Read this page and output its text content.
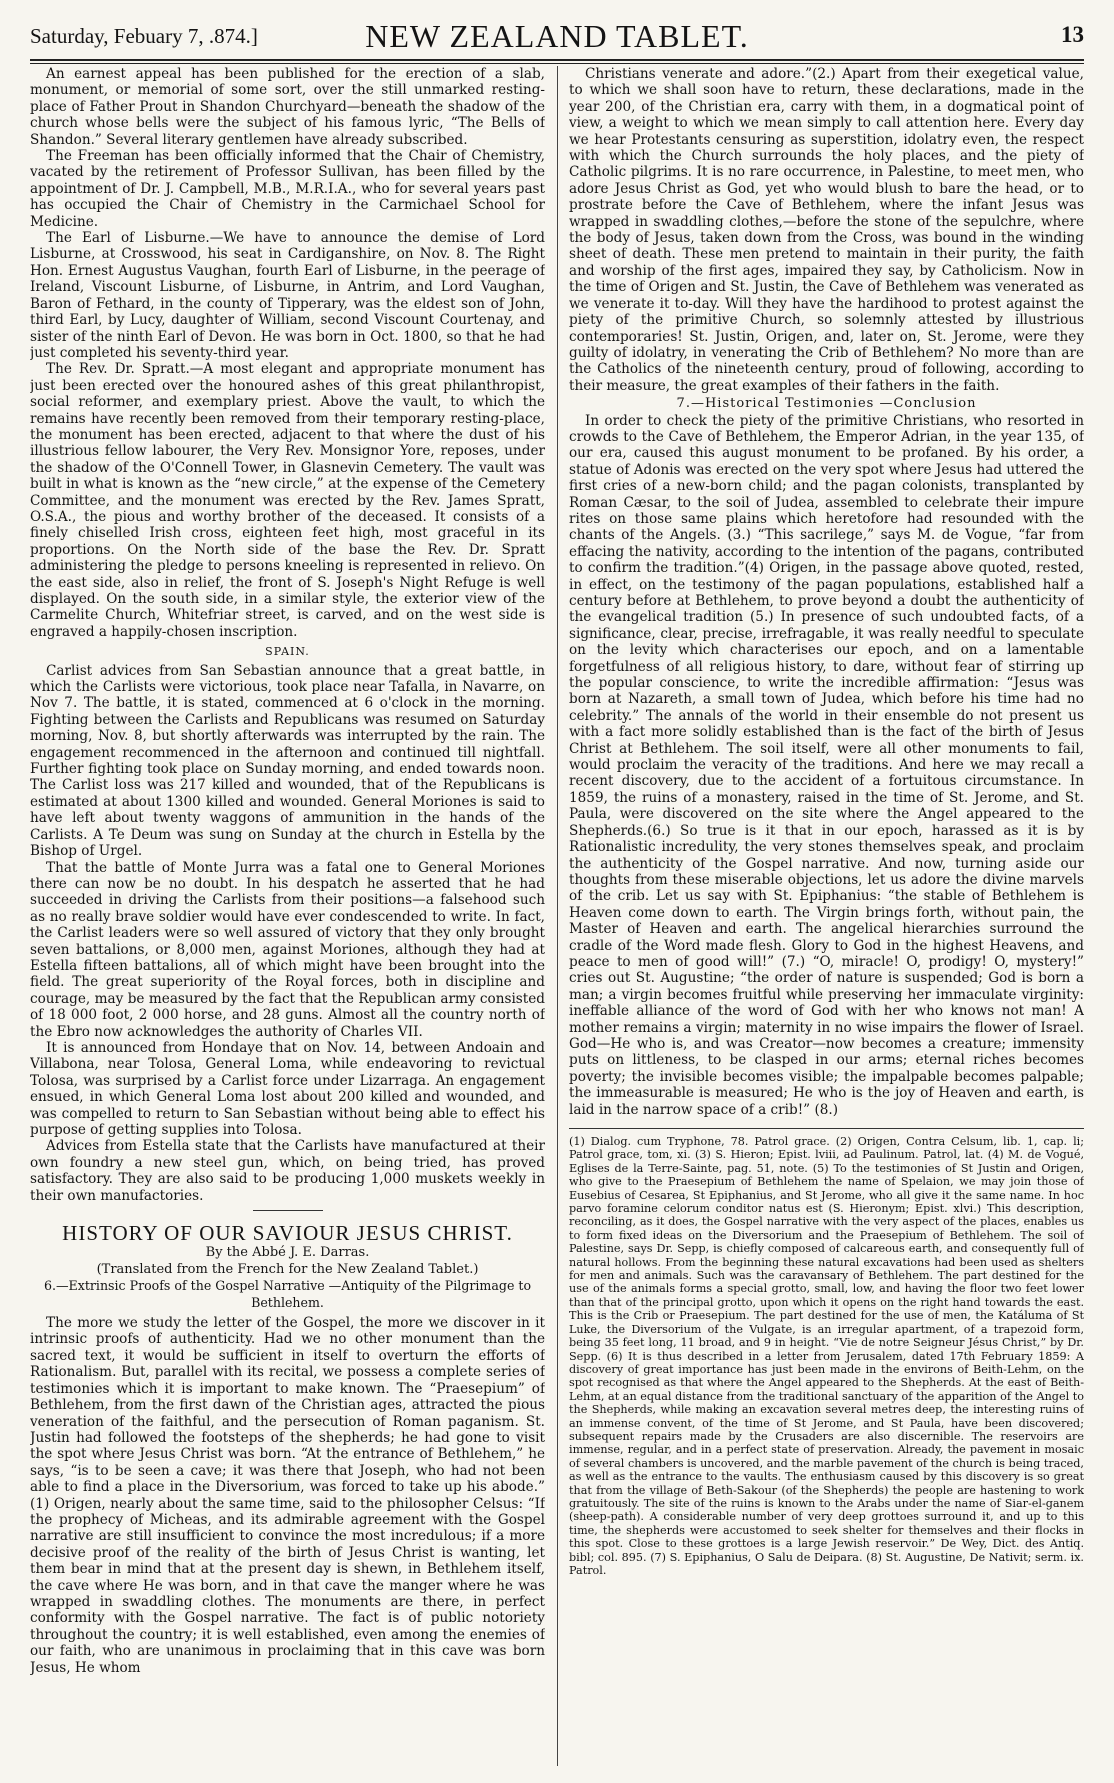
Saturday, Febuary 7, .874.]	NEW ZEALAND TABLET.	13

An earnest appeal has been published for the erection of a slab, monument, or memorial of some sort, over the still unmarked resting-place of Father Prout in Shandon Churchyard—beneath the shadow of the church whose bells were the subject of his famous lyric, “The Bells of Shandon.” Several literary gentlemen have already subscribed.

The Freeman has been officially informed that the Chair of Chemistry, vacated by the retirement of Professor Sullivan, has been filled by the appointment of Dr. J. Campbell, M.B., M.R.I.A., who for several years past has occupied the Chair of Chemistry in the Carmichael School for Medicine.

The Earl of Lisburne.—We have to announce the demise of Lord Lisburne, at Crosswood, his seat in Cardiganshire, on Nov. 8. The Right Hon. Ernest Augustus Vaughan, fourth Earl of Lisburne, in the peerage of Ireland, Viscount Lisburne, of Lisburne, in Antrim, and Lord Vaughan, Baron of Fethard, in the county of Tipperary, was the eldest son of John, third Earl, by Lucy, daughter of William, second Viscount Courtenay, and sister of the ninth Earl of Devon. He was born in Oct. 1800, so that he had just completed his seventy-third year.

The Rev. Dr. Spratt.—A most elegant and appropriate monument has just been erected over the honoured ashes of this great philanthropist, social reformer, and exemplary priest. Above the vault, to which the remains have recently been removed from their temporary resting-place, the monument has been erected, adjacent to that where the dust of his illustrious fellow labourer, the Very Rev. Monsignor Yore, reposes, under the shadow of the O'Connell Tower, in Glasnevin Cemetery. The vault was built in what is known as the “new circle,” at the expense of the Cemetery Committee, and the monument was erected by the Rev. James Spratt, O.S.A., the pious and worthy brother of the deceased. It consists of a finely chiselled Irish cross, eighteen feet high, most graceful in its proportions. On the North side of the base the Rev. Dr. Spratt administering the pledge to persons kneeling is represented in relievo. On the east side, also in relief, the front of S. Joseph's Night Refuge is well displayed. On the south side, in a similar style, the exterior view of the Carmelite Church, Whitefriar street, is carved, and on the west side is engraved a happily-chosen inscription.

SPAIN.

Carlist advices from San Sebastian announce that a great battle, in which the Carlists were victorious, took place near Tafalla, in Navarre, on Nov 7. The battle, it is stated, commenced at 6 o'clock in the morning. Fighting between the Carlists and Republicans was resumed on Saturday morning, Nov. 8, but shortly afterwards was interrupted by the rain. The engagement recommenced in the afternoon and continued till nightfall. Further fighting took place on Sunday morning, and ended towards noon. The Carlist loss was 217 killed and wounded, that of the Republicans is estimated at about 1300 killed and wounded. General Moriones is said to have left about twenty waggons of ammunition in the hands of the Carlists. A Te Deum was sung on Sunday at the church in Estella by the Bishop of Urgel.

That the battle of Monte Jurra was a fatal one to General Moriones there can now be no doubt. In his despatch he asserted that he had succeeded in driving the Carlists from their positions—a falsehood such as no really brave soldier would have ever condescended to write. In fact, the Carlist leaders were so well assured of victory that they only brought seven battalions, or 8,000 men, against Moriones, although they had at Estella fifteen battalions, all of which might have been brought into the field. The great superiority of the Royal forces, both in discipline and courage, may be measured by the fact that the Republican army consisted of 18 000 foot, 2 000 horse, and 28 guns. Almost all the country north of the Ebro now acknowledges the authority of Charles VII.

It is announced from Hondaye that on Nov. 14, between Andoain and Villabona, near Tolosa, General Loma, while endeavoring to revictual Tolosa, was surprised by a Carlist force under Lizarraga. An engagement ensued, in which General Loma lost about 200 killed and wounded, and was compelled to return to San Sebastian without being able to effect his purpose of getting supplies into Tolosa.

Advices from Estella state that the Carlists have manufactured at their own foundry a new steel gun, which, on being tried, has proved satisfactory. They are also said to be producing 1,000 muskets weekly in their own manufactories.

HISTORY OF OUR SAVIOUR JESUS CHRIST.
By the Abbé J. E. Darras.
(Translated from the French for the New Zealand Tablet.)

6.—Extrinsic Proofs of the Gospel Narrative —Antiquity of the Pilgrimage to Bethlehem.

The more we study the letter of the Gospel, the more we discover in it intrinsic proofs of authenticity. Had we no other monument than the sacred text, it would be sufficient in itself to overturn the efforts of Rationalism. But, parallel with its recital, we possess a complete series of testimonies which it is important to make known. The “Praesepium” of Bethlehem, from the first dawn of the Christian ages, attracted the pious veneration of the faithful, and the persecution of Roman paganism. St. Justin had followed the footsteps of the shepherds; he had gone to visit the spot where Jesus Christ was born. “At the entrance of Bethlehem,” he says, “is to be seen a cave; it was there that Joseph, who had not been able to find a place in the Diversorium, was forced to take up his abode.” (1) Origen, nearly about the same time, said to the philosopher Celsus: “If the prophecy of Micheas, and its admirable agreement with the Gospel narrative are still insufficient to convince the most incredulous; if a more decisive proof of the reality of the birth of Jesus Christ is wanting, let them bear in mind that at the present day is shewn, in Bethlehem itself, the cave where He was born, and in that cave the manger where he was wrapped in swaddling clothes. The monuments are there, in perfect conformity with the Gospel narrative. The fact is of public notoriety throughout the country; it is well established, even among the enemies of our faith, who are unanimous in proclaiming that in this cave was born Jesus, He whom

Christians venerate and adore.”(2.) Apart from their exegetical value, to which we shall soon have to return, these declarations, made in the year 200, of the Christian era, carry with them, in a dogmatical point of view, a weight to which we mean simply to call attention here. Every day we hear Protestants censuring as superstition, idolatry even, the respect with which the Church surrounds the holy places, and the piety of Catholic pilgrims. It is no rare occurrence, in Palestine, to meet men, who adore Jesus Christ as God, yet who would blush to bare the head, or to prostrate before the Cave of Bethlehem, where the infant Jesus was wrapped in swaddling clothes,—before the stone of the sepulchre, where the body of Jesus, taken down from the Cross, was bound in the winding sheet of death. These men pretend to maintain in their purity, the faith and worship of the first ages, impaired they say, by Catholicism. Now in the time of Origen and St. Justin, the Cave of Bethlehem was venerated as we venerate it to-day. Will they have the hardihood to protest against the piety of the primitive Church, so solemnly attested by illustrious contemporaries! St. Justin, Origen, and, later on, St. Jerome, were they guilty of idolatry, in venerating the Crib of Bethlehem? No more than are the Catholics of the nineteenth century, proud of following, according to their measure, the great examples of their fathers in the faith.

7.—Historical Testimonies —Conclusion

In order to check the piety of the primitive Christians, who resorted in crowds to the Cave of Bethlehem, the Emperor Adrian, in the year 135, of our era, caused this august monument to be profaned. By his order, a statue of Adonis was erected on the very spot where Jesus had uttered the first cries of a new-born child; and the pagan colonists, transplanted by Roman Cæsar, to the soil of Judea, assembled to celebrate their impure rites on those same plains which heretofore had resounded with the chants of the Angels. (3.) “This sacrilege,” says M. de Vogue, “far from effacing the nativity, according to the intention of the pagans, contributed to confirm the tradition.”(4) Origen, in the passage above quoted, rested, in effect, on the testimony of the pagan populations, established half a century before at Bethlehem, to prove beyond a doubt the authenticity of the evangelical tradition (5.) In presence of such undoubted facts, of a significance, clear, precise, irrefragable, it was really needful to speculate on the levity which characterises our epoch, and on a lamentable forgetfulness of all religious history, to dare, without fear of stirring up the popular conscience, to write the incredible affirmation: “Jesus was born at Nazareth, a small town of Judea, which before his time had no celebrity.” The annals of the world in their ensemble do not present us with a fact more solidly established than is the fact of the birth of Jesus Christ at Bethlehem. The soil itself, were all other monuments to fail, would proclaim the veracity of the traditions. And here we may recall a recent discovery, due to the accident of a fortuitous circumstance. In 1859, the ruins of a monastery, raised in the time of St. Jerome, and St. Paula, were discovered on the site where the Angel appeared to the Shepherds.(6.) So true is it that in our epoch, harassed as it is by Rationalistic incredulity, the very stones themselves speak, and proclaim the authenticity of the Gospel narrative. And now, turning aside our thoughts from these miserable objections, let us adore the divine marvels of the crib. Let us say with St. Epiphanius: “the stable of Bethlehem is Heaven come down to earth. The Virgin brings forth, without pain, the Master of Heaven and earth. The angelical hierarchies surround the cradle of the Word made flesh. Glory to God in the highest Heavens, and peace to men of good will!” (7.) “O, miracle! O, prodigy! O, mystery!” cries out St. Augustine; “the order of nature is suspended; God is born a man; a virgin becomes fruitful while preserving her immaculate virginity: ineffable alliance of the word of God with her who knows not man! A mother remains a virgin; maternity in no wise impairs the flower of Israel. God—He who is, and was Creator—now becomes a creature; immensity puts on littleness, to be clasped in our arms; eternal riches becomes poverty; the invisible becomes visible; the impalpable becomes palpable; the immeasurable is measured; He who is the joy of Heaven and earth, is laid in the narrow space of a crib!” (8.)

(1) Dialog. cum Tryphone, 78. Patrol grace. (2) Origen, Contra Celsum, lib. 1, cap. li; Patrol grace, tom, xi. (3) S. Hieron; Epist. lviii, ad Paulinum. Patrol, lat. (4) M. de Vogué, Eglises de la Terre-Sainte, pag. 51, note. (5) To the testimonies of St Justin and Origen, who give to the Praesepium of Bethlehem the name of Spelaion, we may join those of Eusebius of Cesarea, St Epiphanius, and St Jerome, who all give it the same name. In hoc parvo foramine celorum conditor natus est (S. Hieronym; Epist. xlvi.) This description, reconciling, as it does, the Gospel narrative with the very aspect of the places, enables us to form fixed ideas on the Diversorium and the Praesepium of Bethlehem. The soil of Palestine, says Dr. Sepp, is chiefly composed of calcareous earth, and consequently full of natural hollows. From the beginning these natural excavations had been used as shelters for men and animals. Such was the caravansary of Bethlehem. The part destined for the use of the animals forms a special grotto, small, low, and having the floor two feet lower than that of the principal grotto, upon which it opens on the right hand towards the east. This is the Crib or Praesepium. The part destined for the use of men, the Katáluma of St Luke, the Diversorium of the Vulgate, is an irregular apartment, of a trapezoid form, being 35 feet long, 11 broad, and 9 in height. “Vie de notre Seigneur Jésus Christ,” by Dr. Sepp. (6) It is thus described in a letter from Jerusalem, dated 17th February 1859: A discovery of great importance has just been made in the environs of Beith-Lehm, on the spot recognised as that where the Angel appeared to the Shepherds. At the east of Beith-Lehm, at an equal distance from the traditional sanctuary of the apparition of the Angel to the Shepherds, while making an excavation several metres deep, the interesting ruins of an immense convent, of the time of St Jerome, and St Paula, have been discovered; subsequent repairs made by the Crusaders are also discernible. The reservoirs are immense, regular, and in a perfect state of preservation. Already, the pavement in mosaic of several chambers is uncovered, and the marble pavement of the church is being traced, as well as the entrance to the vaults. The enthusiasm caused by this discovery is so great that from the village of Beth-Sakour (of the Shepherds) the people are hastening to work gratuitously. The site of the ruins is known to the Arabs under the name of Siar-el-ganem (sheep-path). A considerable number of very deep grottoes surround it, and up to this time, the shepherds were accustomed to seek shelter for themselves and their flocks in this spot. Close to these grottoes is a large Jewish reservoir.” De Wey, Dict. des Antiq. bibl; col. 895. (7) S. Epiphanius, O Salu de Deipara. (8) St. Augustine, De Nativit; serm. ix. Patrol.
